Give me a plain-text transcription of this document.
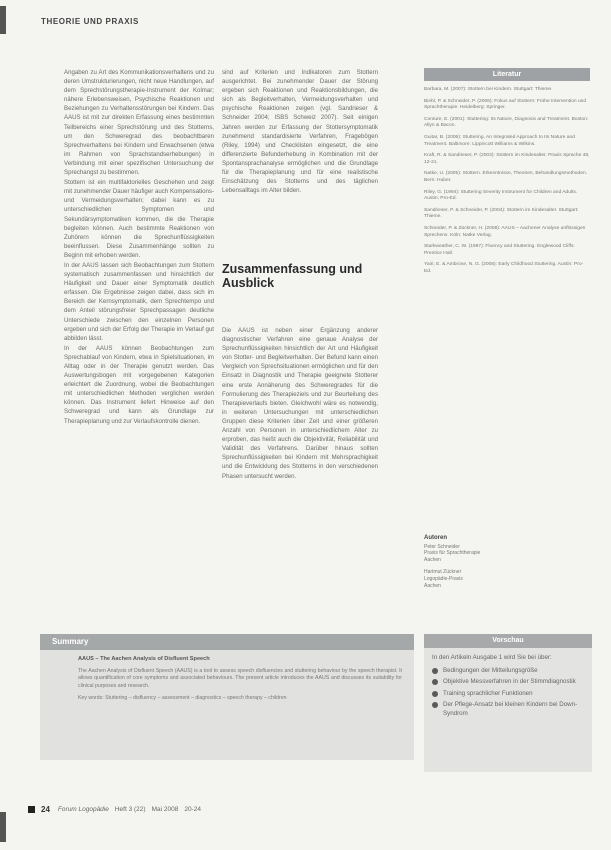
THEORIE UND PRAXIS

Angaben zu Art des Kommunikationsverhaltens und zu deren Umstrukturierungen, nicht neue Handlungen, auf dem Sprechstörungstherapie-Instrument der Kolmar; nähere Erlebensweisen, Psychische Reaktionen und Beziehungen zu Verhaltensstörungen bei Kindern. Das AAUS ist mit zur direkten Erfassung eines bestimmten Teilbereichs einer Sprechstörung und des Stotterns, um den Schweregrad des beobachtbaren Sprechverhaltens bei Kindern und Erwachsenen (etwa im Rahmen von Sprachstandserhebungen) in Verbindung mit einer spezifischen Untersuchung der Sprechangst zu bestimmen.

Stottern ist ein multifaktorielles Geschehen und zeigt mit zunehmender Dauer häufiger auch Kompensations- und Vermeidungsverhalten; dabei kann es zu unterschiedlichen Symptomen und Sekundärsymptomatiken kommen, die die Therapie begleiten können. Auch bestimmte Reaktionen von Zuhörern können die Sprechunflüssigkeiten beeinflussen. Diese Zusammenhänge sollten zu Beginn mit erhoben werden.

In der AAUS lassen sich Beobachtungen zum Stottern systematisch zusammenfassen und hinsichtlich der Häufigkeit und Dauer einer Symptomatik deutlich erfassen. Die Ergebnisse zeigen dabei, dass sich im Bereich der Kernsymptomatik, dem Sprechtempo und dem Anteil störungsfreier Sprechpassagen deutliche Unterschiede zwischen den einzelnen Personen ergeben und sich der Erfolg der Therapie im Verlauf gut abbilden lässt.

In der AAUS können Beobachtungen zum Sprechablauf von Kindern, etwa in Spielsituationen, im Alltag oder in der Therapie genutzt werden. Das Auswertungsbogen mit vorgegebenen Kategorien erleichtert die Zuordnung, wobei die Beobachtungen mit unterschiedlichen Methoden verglichen werden können. Das Instrument liefert Hinweise auf den Schweregrad und kann als Grundlage zur Therapieplanung und zur Verlaufskontrolle dienen.

sind auf Kriterien und Indikatoren zum Stottern ausgerichtet. Bei zunehmender Dauer der Störung ergeben sich Reaktionen und Reaktionsbildungen, die sich als Begleitverhalten, Vermeidungsverhalten und psychische Reaktionen zeigen (vgl. Sandrieser & Schneider 2004; ISBS Schweiz 2007). Seit einigen Jahren werden zur Erfassung der Stottersymptomatik zunehmend standardisierte Verfahren, Fragebögen (Riley, 1994) und Checklisten eingesetzt, die eine differenzierte Befunderhebung in Kombination mit der Spontansprachanalyse ermöglichen und die Grundlage für die Therapieplanung und für eine realistische Einschätzung des Stotterns und des täglichen Lebensalltags im Alter bilden.

Zusammenfassung und Ausblick

Die AAUS ist neben einer Ergänzung anderer diagnostischer Verfahren eine genaue Analyse der Sprechunflüssigkeiten hinsichtlich der Art und Häufigkeit von Stotter- und Begleitverhalten. Der Befund kann einen Vergleich von Sprechsituationen ermöglichen und für den Einsatz in Diagnostik und Therapie geeignete Stotterer eine erste Annäherung des Schweregrades für die Formulierung des Therapieziels und zur Beurteilung des Therapieverlaufs bieten. Gleichwohl wäre es notwendig, in weiteren Untersuchungen mit unterschiedlichen Gruppen diese Kriterien über Zeit und einer größeren Anzahl von Personen in unterschiedlichem Alter zu erproben, das heißt auch die Objektivität, Reliabilität und Validität des Verfahrens. Darüber hinaus sollten Sprechunflüssigkeiten bei Kindern mit Mehrsprachigkeit und die Entwicklung des Stotterns in den verschiedenen Phasen untersucht werden.

Literatur
Barbara, M. (2007): Stottern bei Kindern. Stuttgart: Thieme.
Biebl, P. & Schneider, P. (2006): Fokus auf Stottern: Frühe Intervention und Sprachtherapie. Heidelberg: Springer.
Conture, E. (2001): Stuttering: Its Nature, Diagnosis and Treatment. Boston: Allyn & Bacon.
Guitar, B. (2006): Stuttering. An Integrated Approach to Its Nature and Treatment. Baltimore: Lippincott Williams & Wilkins.
Kraft, R. & Sandrieser, P. (2003): Stottern im Kindesalter. Praxis Sprache 48, 12-21.
Natke, U. (2005): Stottern. Erkenntnisse, Theorien, Behandlungsmethoden. Bern: Huber.
Riley, G. (1994): Stuttering Severity Instrument for Children and Adults. Austin: Pro-Ed.
Sandrieser, P. & Schneider, P. (2004): Stottern im Kindesalter. Stuttgart: Thieme.
Schneider, P. & Zückner, H. (2008): AAUS – Aachener Analyse unflüssigen Sprechens. Köln: Natke Verlag.
Starkweather, C. W. (1987): Fluency and Stuttering. Englewood Cliffs: Prentice Hall.
Yairi, E. & Ambrose, N. G. (2005): Early Childhood Stuttering. Austin: Pro-Ed.
Autoren
Peter Schneider
Praxis für Sprachtherapie
Aachen
Hartmut Zückner
Logopädie-Praxis
Aachen
Summary
AAUS – The Aachen Analysis of Disfluent Speech
The Aachen Analysis of Disfluent Speech (AAUS) is a tool to assess speech disfluencies and stuttering behaviour by the speech therapist. It allows quantification of core symptoms and associated behaviours. The present article introduces the AAUS and discusses its suitability for clinical purposes and research.
Key words: Stuttering – disfluency – assessment – diagnostics – speech therapy – children
Vorschau
In den Artikeln Ausgabe 1 wird Sie bei über:
Bedingungen der Mitteilungsgröße
Objektive Messverfahren in der Stimmdiagnostik
Training sprachlicher Funktionen
Der Pflege-Ansatz bei kleinen Kindern bei Down-Syndrom
24 Forum Logopädie Heft 3 (22) Mai 2008 20-24
